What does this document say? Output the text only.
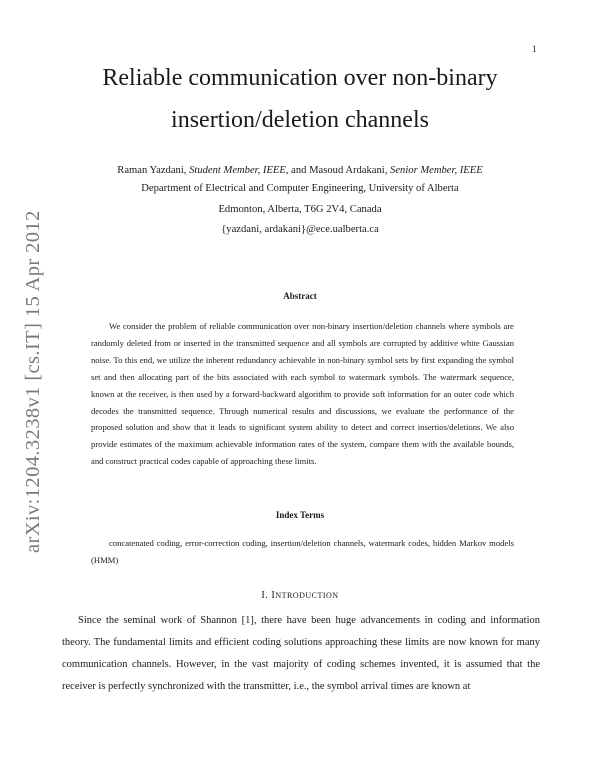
1
arXiv:1204.3238v1 [cs.IT] 15 Apr 2012
Reliable communication over non-binary
insertion/deletion channels
Raman Yazdani, Student Member, IEEE, and Masoud Ardakani, Senior Member, IEEE
Department of Electrical and Computer Engineering, University of Alberta
Edmonton, Alberta, T6G 2V4, Canada
{yazdani, ardakani}@ece.ualberta.ca
Abstract
We consider the problem of reliable communication over non-binary insertion/deletion channels where symbols are randomly deleted from or inserted in the transmitted sequence and all symbols are corrupted by additive white Gaussian noise. To this end, we utilize the inherent redundancy achievable in non-binary symbol sets by first expanding the symbol set and then allocating part of the bits associated with each symbol to watermark symbols. The watermark sequence, known at the receiver, is then used by a forward-backward algorithm to provide soft information for an outer code which decodes the transmitted sequence. Through numerical results and discussions, we evaluate the performance of the proposed solution and show that it leads to significant system ability to detect and correct insertios/deletions. We also provide estimates of the maximum achievable information rates of the system, compare them with the available bounds, and construct practical codes capable of approaching these limits.
Index Terms
concatenated coding, error-correction coding, insertion/deletion channels, watermark codes, hidden Markov models (HMM)
I. INTRODUCTION
Since the seminal work of Shannon [1], there have been huge advancements in coding and information theory. The fundamental limits and efficient coding solutions approaching these limits are now known for many communication channels. However, in the vast majority of coding schemes invented, it is assumed that the receiver is perfectly synchronized with the transmitter, i.e., the symbol arrival times are known at
